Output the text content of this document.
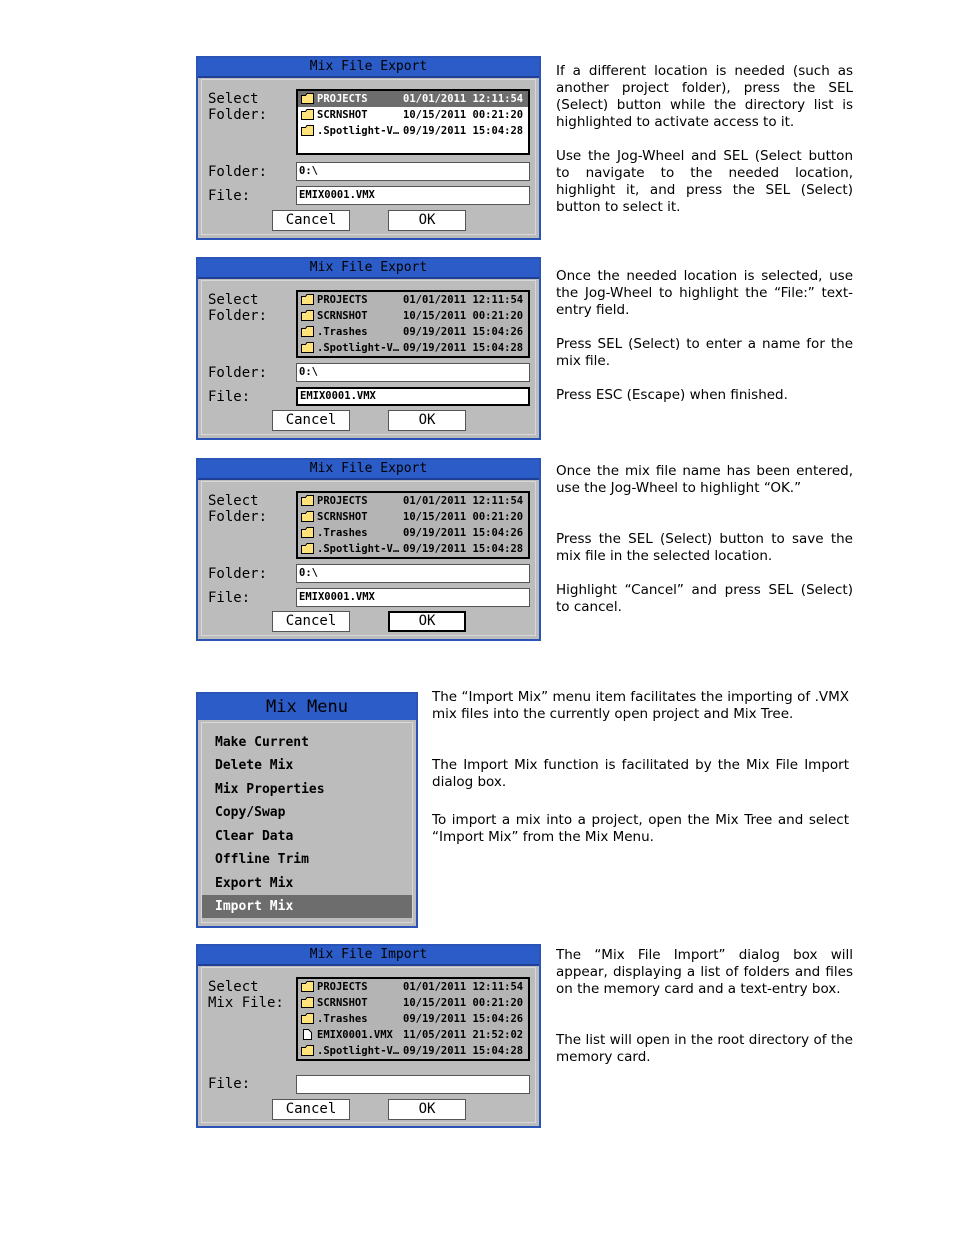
Mix File Export
Select
Folder:
PROJECTS	01/01/2011 12:11:54
SCRNSHOT	10/15/2011 00:21:20
.Spotlight-V… 09/19/2011 15:04:28
Folder:	0:\
File:	EMIX0001.VMX
Cancel	OK
If a different location is needed (such as another project folder), press the SEL (Select) button while the directory list is highlighted to activate access to it.
Use the Jog-Wheel and SEL (Select button to navigate to the needed location, highlight it, and press the SEL (Select) button to select it.
Mix File Export
Select
Folder:
PROJECTS	01/01/2011 12:11:54
SCRNSHOT	10/15/2011 00:21:20
.Trashes	09/19/2011 15:04:26
.Spotlight-V… 09/19/2011 15:04:28
Folder:	0:\
File:	EMIX0001.VMX
Cancel	OK
Once the needed location is selected, use the Jog-Wheel to highlight the “File:” text-entry field.
Press SEL (Select) to enter a name for the mix file.
Press ESC (Escape) when finished.
Mix File Export
Select
Folder:
PROJECTS	01/01/2011 12:11:54
SCRNSHOT	10/15/2011 00:21:20
.Trashes	09/19/2011 15:04:26
.Spotlight-V… 09/19/2011 15:04:28
Folder:	0:\
File:	EMIX0001.VMX
Cancel	OK
Once the mix file name has been entered, use the Jog-Wheel to highlight “OK.”
Press the SEL (Select) button to save the mix file in the selected location.
Highlight “Cancel” and press SEL (Select) to cancel.
Mix Menu
Make Current
Delete Mix
Mix Properties
Copy/Swap
Clear Data
Offline Trim
Export Mix
Import Mix
The “Import Mix” menu item facilitates the importing of .VMX mix files into the currently open project and Mix Tree.
The Import Mix function is facilitated by the Mix File Import dialog box.
To import a mix into a project, open the Mix Tree and select “Import Mix” from the Mix Menu.
Mix File Import
Select
Mix File:
PROJECTS	01/01/2011 12:11:54
SCRNSHOT	10/15/2011 00:21:20
.Trashes	09/19/2011 15:04:26
EMIX0001.VMX 11/05/2011 21:52:02
.Spotlight-V… 09/19/2011 15:04:28
File:
Cancel	OK
The “Mix File Import” dialog box will appear, displaying a list of folders and files on the memory card and a text-entry box.
The list will open in the root directory of the memory card.
